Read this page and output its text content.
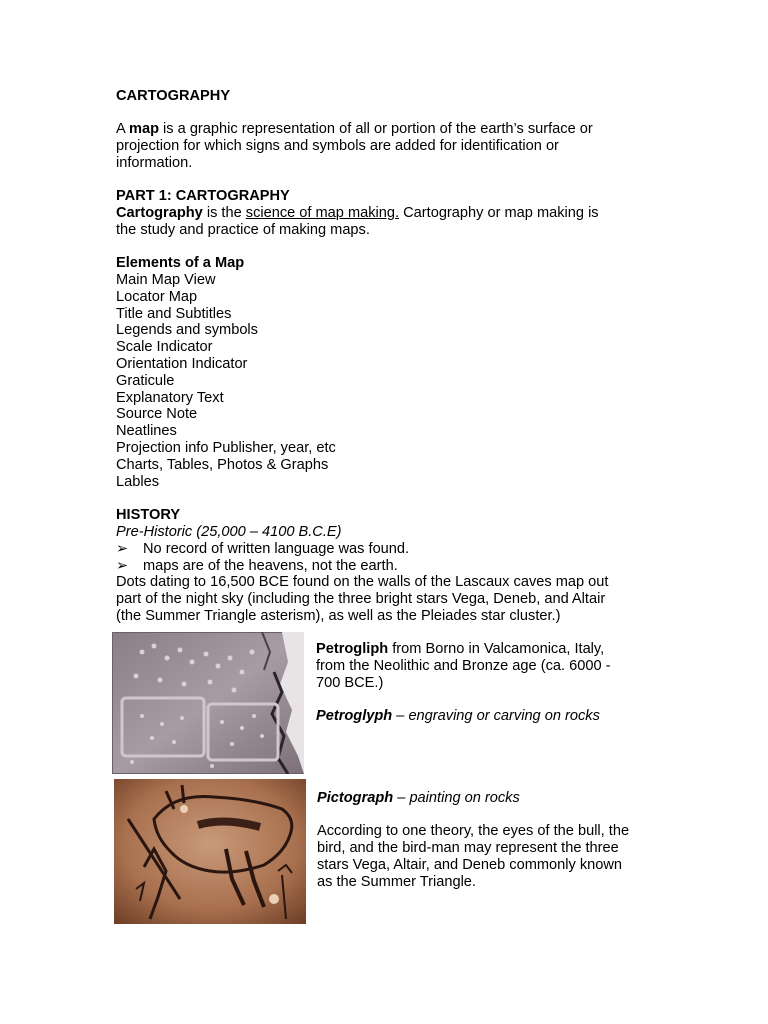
CARTOGRAPHY
A map is a graphic representation of all or portion of the earth’s surface or
projection for which signs and symbols are added for identification or
information.
PART 1: CARTOGRAPHY
Cartography is the science of map making. Cartography or map making is
the study and practice of making maps.
Elements of a Map
Main Map View
Locator Map
Title and Subtitles
Legends and symbols
Scale Indicator
Orientation Indicator
Graticule
Explanatory Text
Source Note
Neatlines
Projection info Publisher, year, etc
Charts, Tables, Photos & Graphs
Lables
HISTORY
Pre-Historic (25,000 – 4100 B.C.E)
➢ No record of written language was found.
➢ maps are of the heavens, not the earth.
Dots dating to 16,500 BCE found on the walls of the Lascaux caves map out
part of the night sky (including the three bright stars Vega, Deneb, and Altair
(the Summer Triangle asterism), as well as the Pleiades star cluster.)
Petrogliph from Borno in Valcamonica, Italy,
from the Neolithic and Bronze age (ca. 6000 -
700 BCE.)
Petroglyph – engraving or carving on rocks
Pictograph – painting on rocks
According to one theory, the eyes of the bull, the
bird, and the bird-man may represent the three
stars Vega, Altair, and Deneb commonly known
as the Summer Triangle.
